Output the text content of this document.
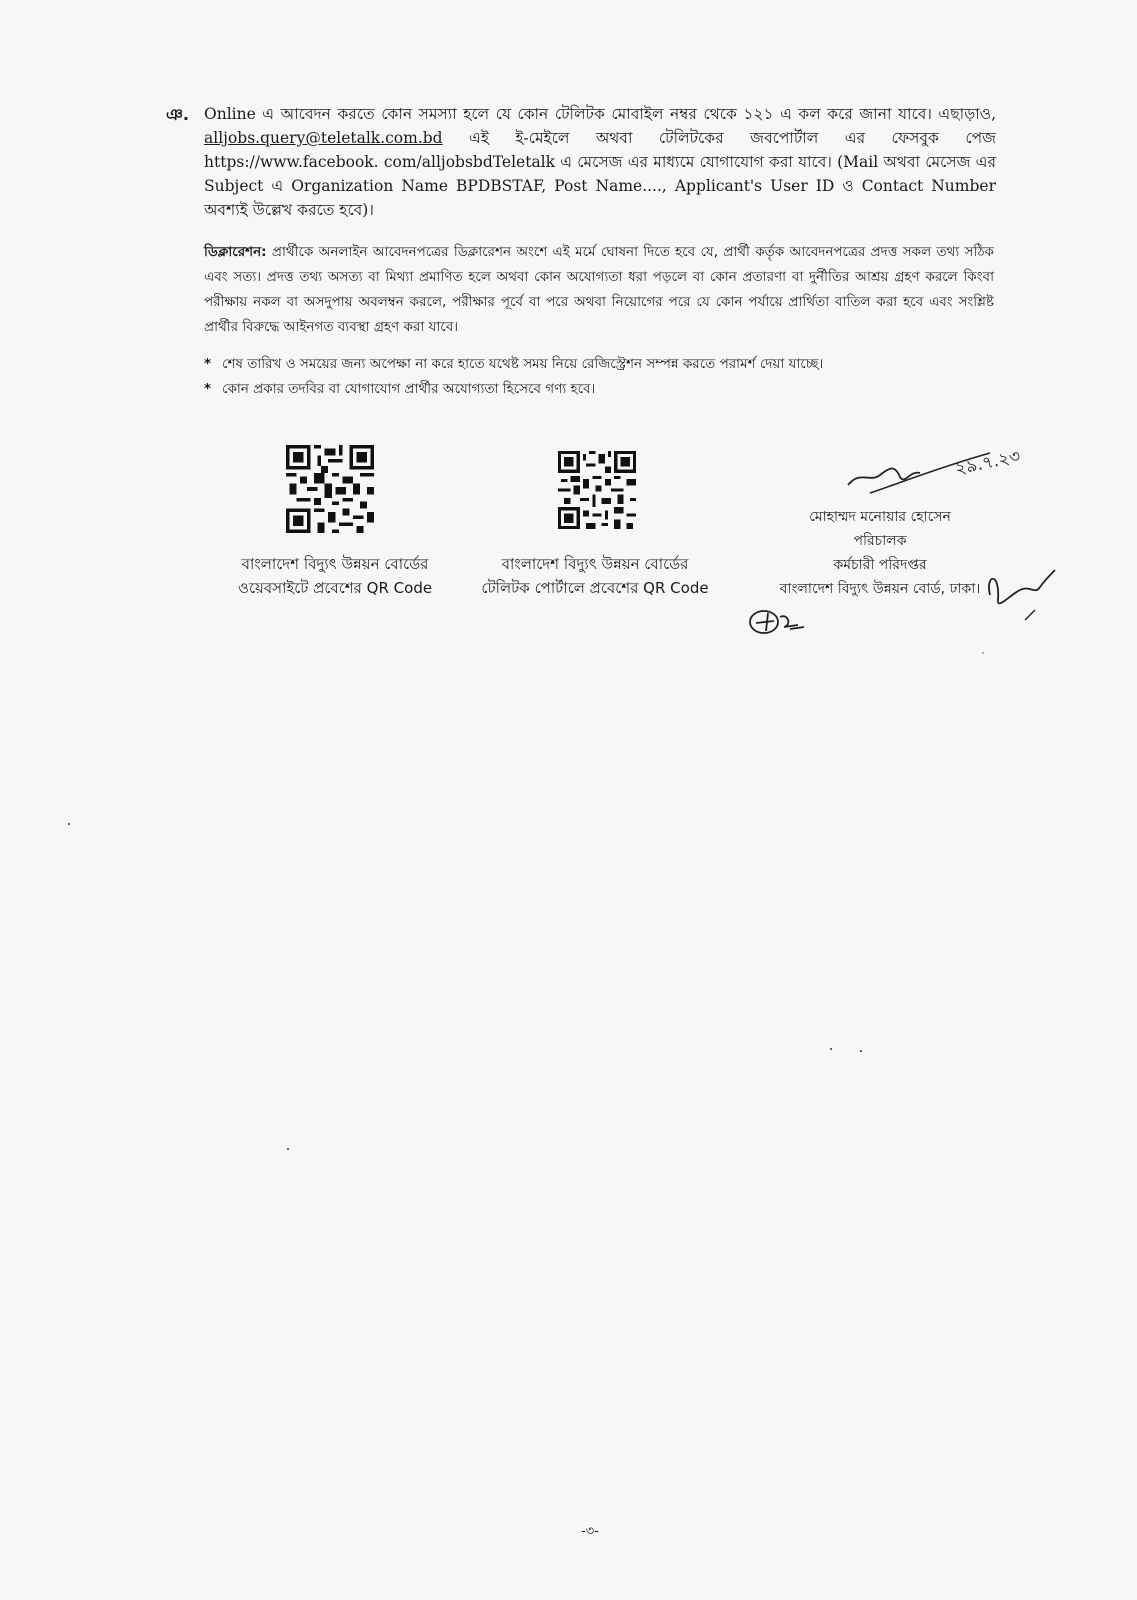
ঞ. Online এ আবেদন করতে কোন সমস্যা হলে যে কোন টেলিটক মোবাইল নম্বর থেকে ১২১ এ কল করে জানা যাবে। এছাড়াও, alljobs.query@teletalk.com.bd এই ই-মেইলে অথবা টেলিটকের জবপোর্টাল এর ফেসবুক পেজ https://www.facebook. com/alljobsbdTeletalk এ মেসেজ এর মাধ্যমে যোগাযোগ করা যাবে। (Mail অথবা মেসেজ এর Subject এ Organization Name BPDBSTAF, Post Name...., Applicant's User ID ও Contact Number অবশ্যই উল্লেখ করতে হবে)।
ডিক্লারেশন: প্রার্থীকে অনলাইন আবেদনপত্রের ডিক্লারেশন অংশে এই মর্মে ঘোষনা দিতে হবে যে, প্রার্থী কর্তৃক আবেদনপত্রের প্রদত্ত সকল তথ্য সঠিক এবং সত্য। প্রদত্ত তথ্য অসত্য বা মিথ্যা প্রমাণিত হলে অথবা কোন অযোগ্যতা ধরা পড়লে বা কোন প্রতারণা বা দুর্নীতির আশ্রয় গ্রহণ করলে কিংবা পরীক্ষায় নকল বা অসদুপায় অবলম্বন করলে, পরীক্ষার পূর্বে বা পরে অথবা নিয়োগের পরে যে কোন পর্যায়ে প্রার্থিতা বাতিল করা হবে এবং সংশ্লিষ্ট প্রার্থীর বিরুদ্ধে আইনগত ব্যবস্থা গ্রহণ করা যাবে।
* শেষ তারিখ ও সময়ের জন্য অপেক্ষা না করে হাতে যথেষ্ট সময় নিয়ে রেজিস্ট্রেশন সম্পন্ন করতে পরামর্শ দেয়া যাচ্ছে।
* কোন প্রকার তদবির বা যোগাযোগ প্রার্থীর অযোগ্যতা হিসেবে গণ্য হবে।
বাংলাদেশ বিদ্যুৎ উন্নয়ন বোর্ডের
ওয়েবসাইটে প্রবেশের QR Code
বাংলাদেশ বিদ্যুৎ উন্নয়ন বোর্ডের
টেলিটক পোর্টালে প্রবেশের QR Code
২৯.৭.২৩
মোহাম্মদ মনোয়ার হোসেন
পরিচালক
কর্মচারী পরিদপ্তর
বাংলাদেশ বিদ্যুৎ উন্নয়ন বোর্ড, ঢাকা।
-৩-
